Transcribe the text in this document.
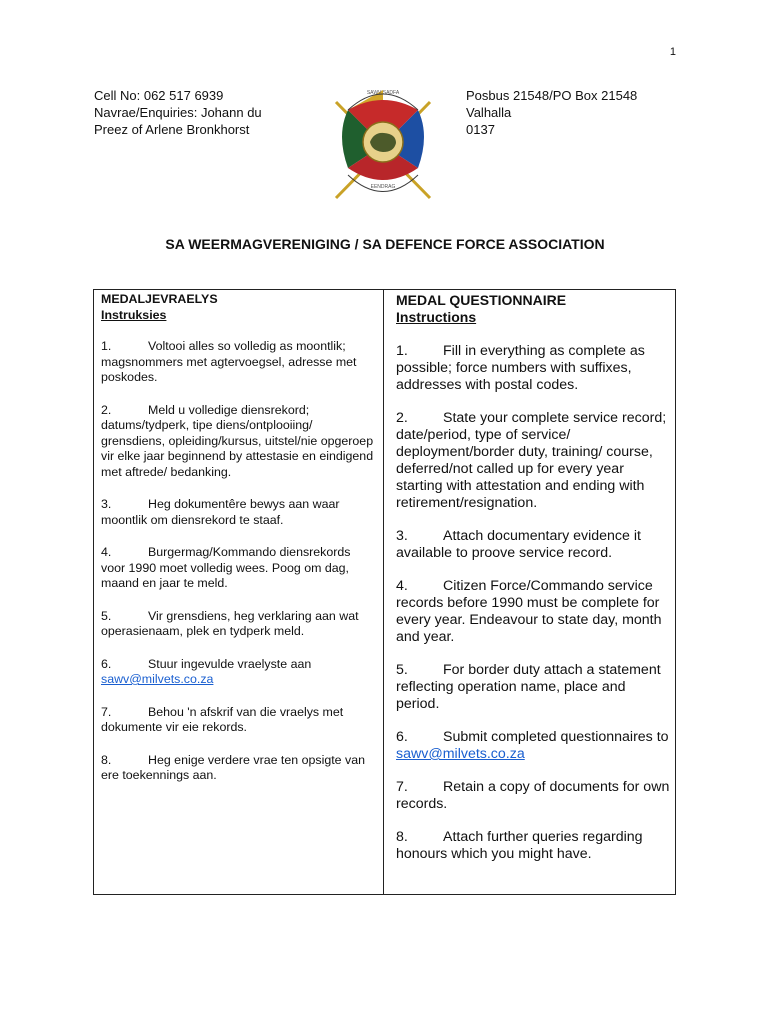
1
Cell No: 062 517 6939
Navrae/Enquiries: Johann du
Preez of Arlene Bronkhorst
SAWV SADFA
EENDRAG
Posbus 21548/PO Box 21548
Valhalla
0137
SA WEERMAGVERENIGING / SA DEFENCE FORCE ASSOCIATION
MEDALJEVRAELYS
Instruksies

1.	Voltooi alles so volledig as moontlik; magsnommers met agtervoegsel, adresse met poskodes.

2.	Meld u volledige diensrekord; datums/tydperk, tipe diens/ontplooiing/ grensdiens, opleiding/kursus, uitstel/nie opgeroep vir elke jaar beginnend by attestasie en eindigend met aftrede/ bedanking.

3.	Heg dokumentêre bewys aan waar moontlik om diensrekord te staaf.

4.	Burgermag/Kommando diensrekords voor 1990 moet volledig wees. Poog om dag, maand en jaar te meld.

5.	Vir grensdiens, heg verklaring aan wat operasienaam, plek en tydperk meld.

6.	Stuur ingevulde vraelyste aan
sawv@milvets.co.za

7.	Behou 'n afskrif van die vraelys met dokumente vir eie rekords.

8.	Heg enige verdere vrae ten opsigte van ere toekennings aan.

MEDAL QUESTIONNAIRE
Instructions

1. Fill in everything as complete as possible; force numbers with suffixes, addresses with postal codes.

2. State your complete service record; date/period, type of service/ deployment/border duty, training/ course, deferred/not called up for every year starting with attestation and ending with retirement/resignation.

3. Attach documentary evidence it available to proove service record.

4. Citizen Force/Commando service records before 1990 must be complete for every year. Endeavour to state day, month and year.

5. For border duty attach a statement reflecting operation name, place and period.

6. Submit completed questionnaires to sawv@milvets.co.za

7. Retain a copy of documents for own records.

8. Attach further queries regarding honours which you might have.
